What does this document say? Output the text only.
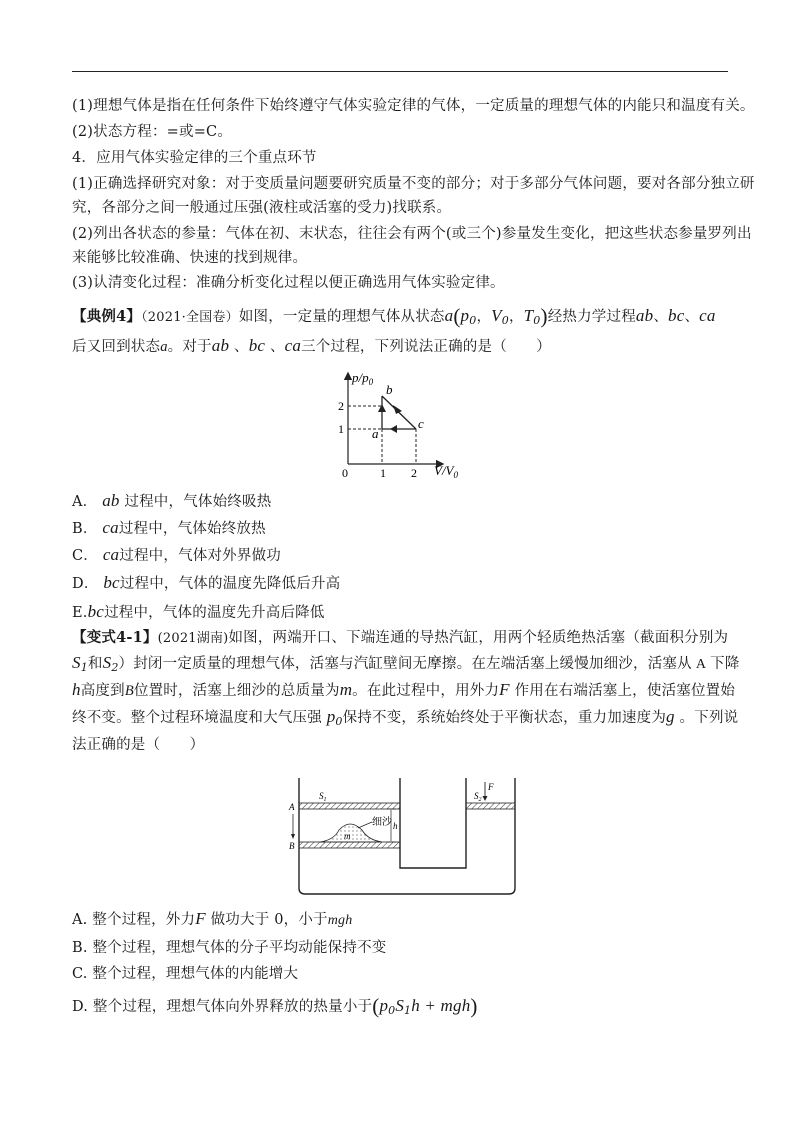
(1)理想气体是指在任何条件下始终遵守气体实验定律的气体，一定质量的理想气体的内能只和温度有关。
(2)状态方程：=或=C。
4．应用气体实验定律的三个重点环节
(1)正确选择研究对象：对于变质量问题要研究质量不变的部分；对于多部分气体问题，要对各部分独立研
究，各部分之间一般通过压强(液柱或活塞的受力)找联系。
(2)列出各状态的参量：气体在初、末状态，往往会有两个(或三个)参量发生变化，把这些状态参量罗列出
来能够比较准确、快速的找到规律。
(3)认清变化过程：准确分析变化过程以便正确选用气体实验定律。
【典例4】（2021·全国卷）如图，一定量的理想气体从状态$a(p_0$，$V_0$，$T_0$)经热力学过程ab、bc、ca
后又回到状态a。对于ab 、bc 、ca三个过程，下列说法正确的是（　　）
$p/p_0$
0	1 2 $V/V_0$
2
1 a
b
c
A． ab 过程中，气体始终吸热
B． ca过程中，气体始终放热
C． ca过程中，气体对外界做功
D． bc过程中，气体的温度先降低后升高
E.bc过程中，气体的温度先升高后降低
【变式4-1】(2021湖南)如图，两端开口、下端连通的导热汽缸，用两个轻质绝热活塞（截面积分别为
$S_1$和$S_2$）封闭一定质量的理想气体，活塞与汽缸壁间无摩擦。在左端活塞上缓慢加细沙，活塞从 A 下降
h高度到B位置时，活塞上细沙的总质量为m。在此过程中，用外力F 作用在右端活塞上，使活塞位置始
终不变。整个过程环境温度和大气压强 $p_0$保持不变，系统始终处于平衡状态，重力加速度为g 。下列说
法正确的是（　　）
m
细沙
$S_1$	$S_2$
F
A
B
h
A. 整个过程，外力F 做功大于 0，小于mgh
B. 整个过程，理想气体的分子平均动能保持不变
C. 整个过程，理想气体的内能增大
D. 整个过程，理想气体向外界释放的热量小于$(p_0S_1h + mgh)$
